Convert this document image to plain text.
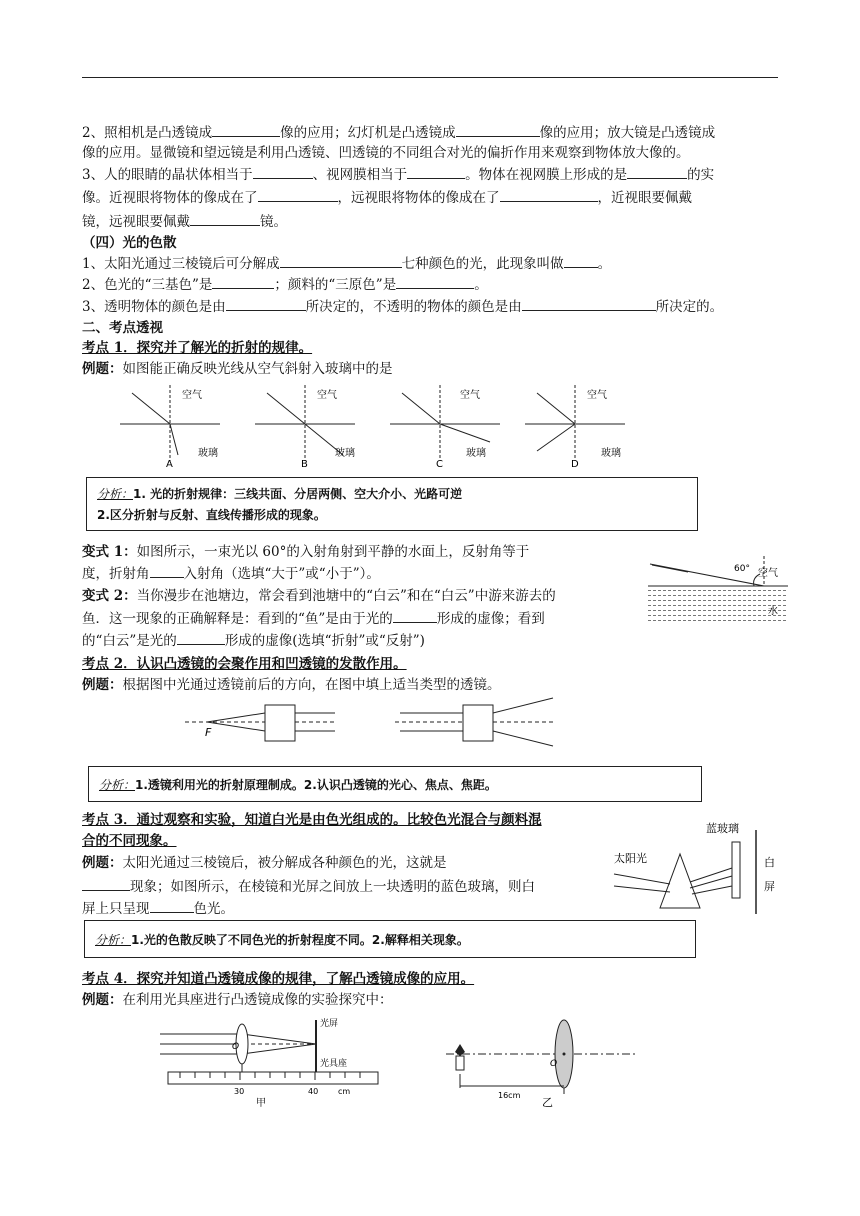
2、照相机是凸透镜成	像的应用；幻灯机是凸透镜成	像的应用；放大镜是凸透镜成
像的应用。显微镜和望远镜是利用凸透镜、凹透镜的不同组合对光的偏折作用来观察到物体放大像的。
3、人的眼睛的晶状体相当于	、视网膜相当于	。物体在视网膜上形成的是	的实
像。近视眼将物体的像成在了	，远视眼将物体的像成在了	，近视眼要佩戴
镜，远视眼要佩戴	镜。
（四）光的色散
1、太阳光通过三棱镜后可分解成	七种颜色的光，此现象叫做	。
2、色光的“三基色”是	；颜料的“三原色”是	。
3、透明物体的颜色是由	所决定的，不透明的物体的颜色是由	所决定的。
二、考点透视
考点 1．探究并了解光的折射的规律。
例题：如图能正确反映光线从空气斜射入玻璃中的是
空气
玻璃
A
空气
玻璃
B
空气
玻璃
C
空气
玻璃
D
分析：1. 光的折射规律：三线共面、分居两侧、空大介小、光路可逆
2.区分折射与反射、直线传播形成的现象。
变式 1：如图所示，一束光以 60°的入射角射到平静的水面上，反射角等于
度，折射角	入射角（选填“大于”或“小于”）。
变式 2：当你漫步在池塘边，常会看到池塘中的“白云”和在“白云”中游来游去的
鱼．这一现象的正确解释是：看到的“鱼”是由于光的	形成的虚像；看到
的“白云”是光的	形成的虚像(选填“折射”或“反射”)
60° 空气
水
考点 2．认识凸透镜的会聚作用和凹透镜的发散作用。
例题：根据图中光通过透镜前后的方向，在图中填上适当类型的透镜。
F
分析：1.透镜利用光的折射原理制成。2.认识凸透镜的光心、焦点、焦距。
考点 3．通过观察和实验，知道白光是由色光组成的。比较色光混合与颜料混
合的不同现象。
例题：太阳光通过三棱镜后，被分解成各种颜色的光，这就是
现象；如图所示，在棱镜和光屏之间放上一块透明的蓝色玻璃，则白
屏上只呈现	色光。
蓝玻璃
太阳光	白
屏
分析：1.光的色散反映了不同色光的折射程度不同。2.解释相关现象。
考点 4．探究并知道凸透镜成像的规律，了解凸透镜成像的应用。
例题：在利用光具座进行凸透镜成像的实验探究中：
O
光屏
光具座
30	40 cm
甲
O
16cm
乙
